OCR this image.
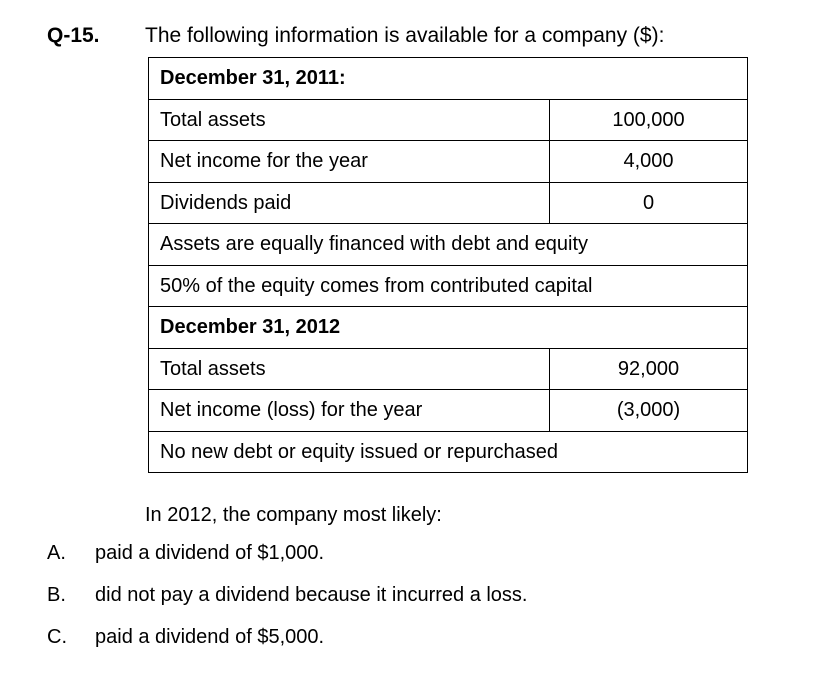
Q-15. The following information is available for a company ($):
December 31, 2011:	
Total assets	100,000
Net income for the year	4,000
Dividends paid	0
Assets are equally financed with debt and equity	
50% of the equity comes from contributed capital	
December 31, 2012	
Total assets	92,000
Net income (loss) for the year	(3,000)
No new debt or equity issued or repurchased	
In 2012, the company most likely:
A. paid a dividend of $1,000.
B. did not pay a dividend because it incurred a loss.
C. paid a dividend of $5,000.
